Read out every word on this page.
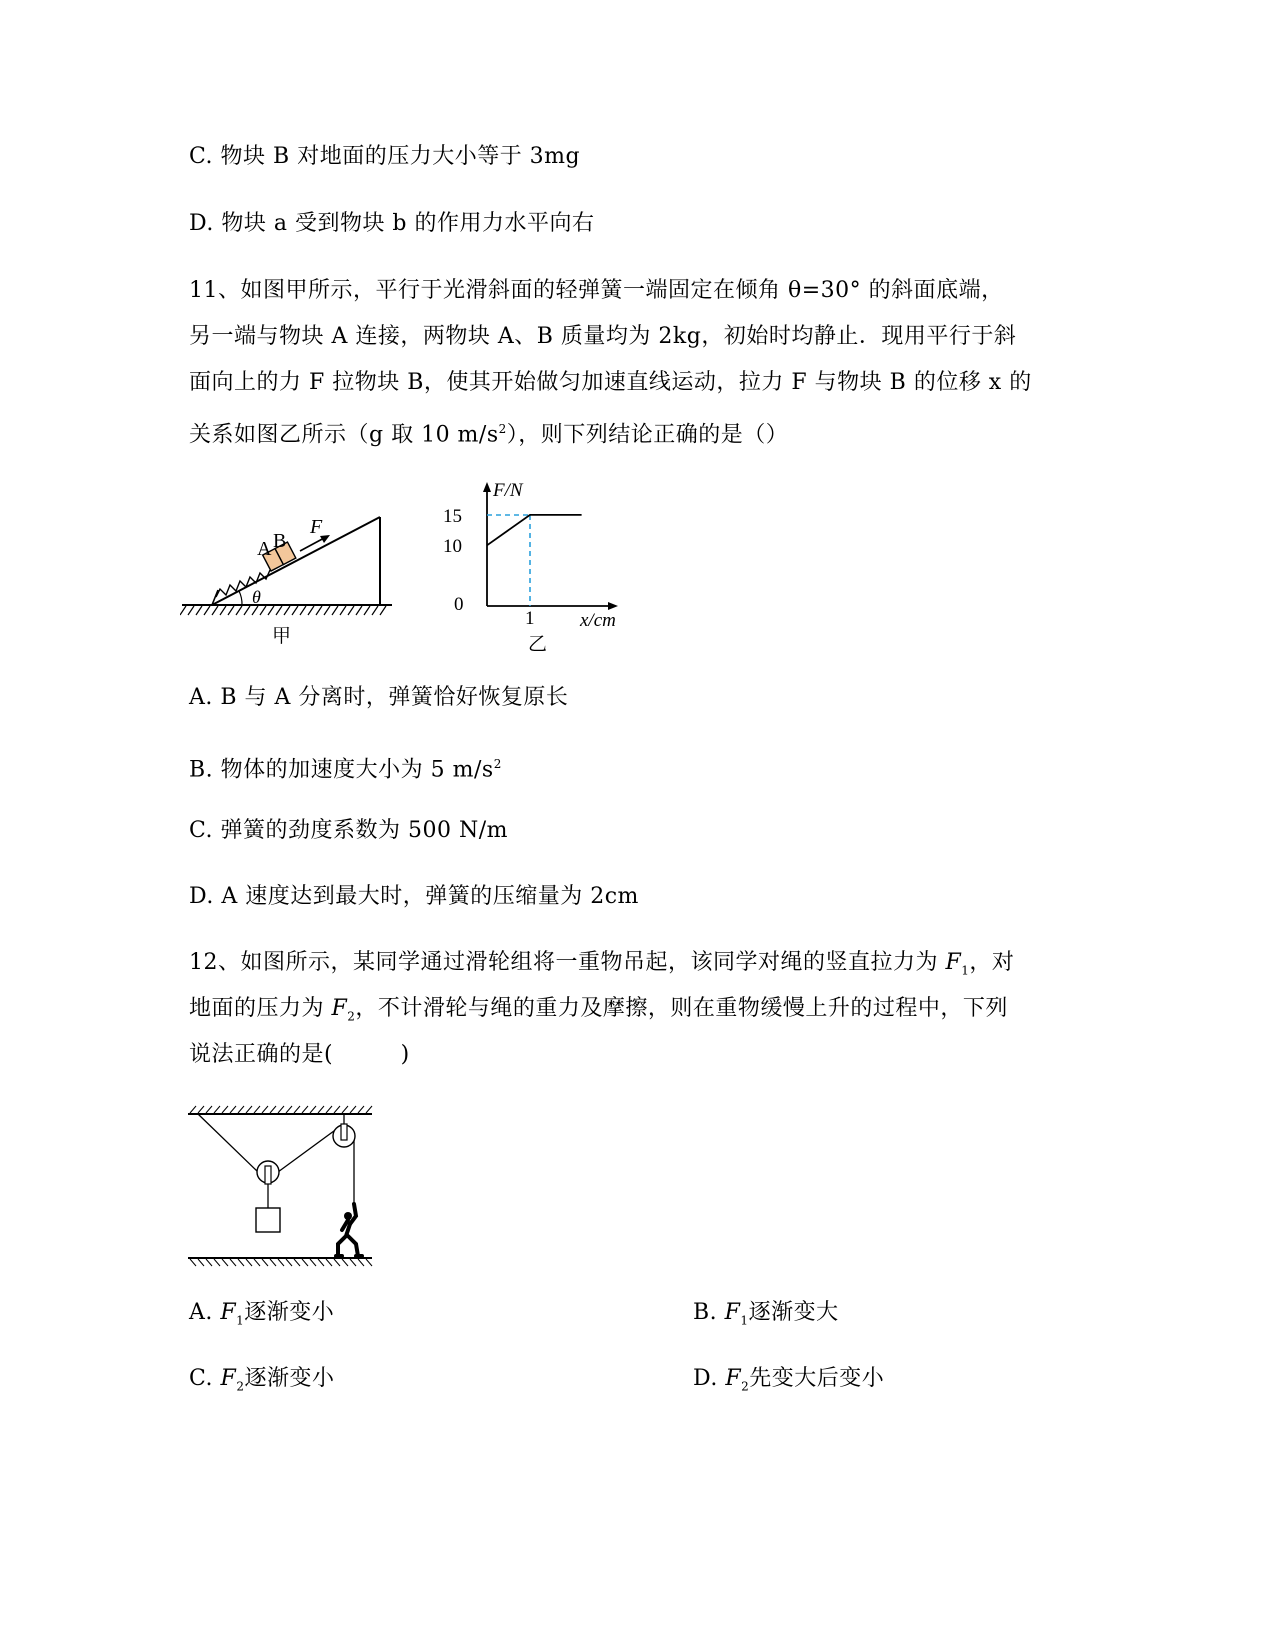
C. 物块 B 对地面的压力大小等于 3mg
D. 物块 a 受到物块 b 的作用力水平向右
11、如图甲所示，平行于光滑斜面的轻弹簧一端固定在倾角 θ=30° 的斜面底端，
另一端与物块 A 连接，两物块 A、B 质量均为 2kg，初始时均静止．现用平行于斜
面向上的力 F 拉物块 B，使其开始做匀加速直线运动，拉力 F 与物块 B 的位移 x 的
关系如图乙所示（g 取 10 $m/s^2$），则下列结论正确的是（）
A B
F
θ
甲
F/N
15
10
0
1 x/cm
乙
A. B 与 A 分离时，弹簧恰好恢复原长
B. 物体的加速度大小为 5 $m/s^2$
C. 弹簧的劲度系数为 500 N/m
D. A 速度达到最大时，弹簧的压缩量为 2cm
12、如图所示，某同学通过滑轮组将一重物吊起，该同学对绳的竖直拉力为 $F_1$，对
地面的压力为 $F_2$，不计滑轮与绳的重力及摩擦，则在重物缓慢上升的过程中，下列
说法正确的是(　　　)
A. $F_1$逐渐变小	B. $F_1$逐渐变大
C. $F_2$逐渐变小	D. $F_2$先变大后变小
